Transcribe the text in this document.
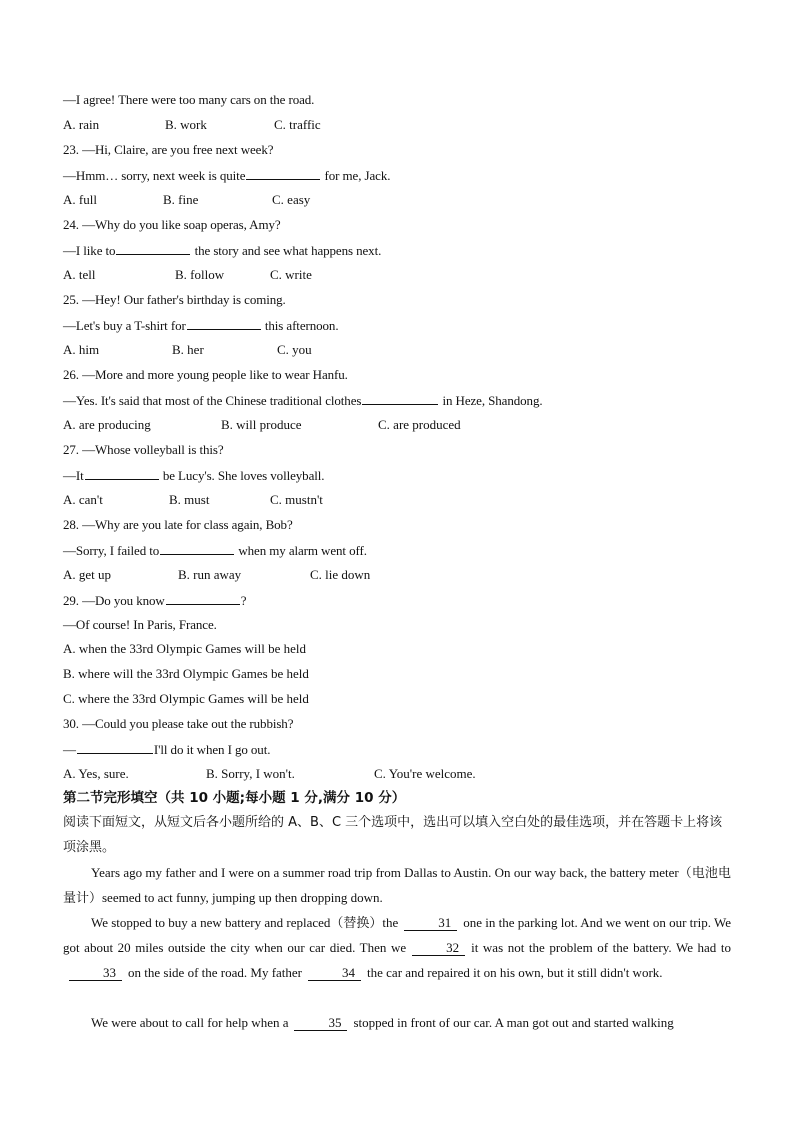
—I agree! There were too many cars on the road.
A. rain	B. work	C. traffic
23. —Hi, Claire, are you free next week?
—Hmm… sorry, next week is quite	for me, Jack.
A. full	B. fine	C. easy
24. —Why do you like soap operas, Amy?
—I like to	the story and see what happens next.
A. tell	B. follow	C. write
25. —Hey! Our father's birthday is coming.
—Let's buy a T-shirt for	this afternoon.
A. him	B. her	C. you
26. —More and more young people like to wear Hanfu.
—Yes. It's said that most of the Chinese traditional clothes	in Heze, Shandong.
A. are producing	B. will produce	C. are produced
27. —Whose volleyball is this?
—It	be Lucy's. She loves volleyball.
A. can't	B. must	C. mustn't
28. —Why are you late for class again, Bob?
—Sorry, I failed to	when my alarm went off.
A. get up	B. run away	C. lie down
29. —Do you know	?
—Of course! In Paris, France.
A. when the 33rd Olympic Games will be held
B. where will the 33rd Olympic Games be held
C. where the 33rd Olympic Games will be held
30. —Could you please take out the rubbish?
—	I'll do it when I go out.
A. Yes, sure.	B. Sorry, I won't.	C. You're welcome.
第二节完形填空（共 10 小题;每小题 1 分,满分 10 分）
阅读下面短文，从短文后各小题所给的 A、B、C 三个选项中，选出可以填入空白处的最佳选项，并在答题卡上将该项涂黑。
Years ago my father and I were on a summer road trip from Dallas to Austin. On our way back, the battery meter（电池电量计）seemed to act funny, jumping up then dropping down.
We stopped to buy a new battery and replaced（替换）the	31 one in the parking lot. And we went on our trip. We got about 20 miles outside the city when our car died. Then we	32 it was not the problem of the battery. We had to33 on the side of the road. My father	34 the car and repaired it on his own, but it still didn't work.
We were about to call for help when a	35 stopped in front of our car. A man got out and started walking
